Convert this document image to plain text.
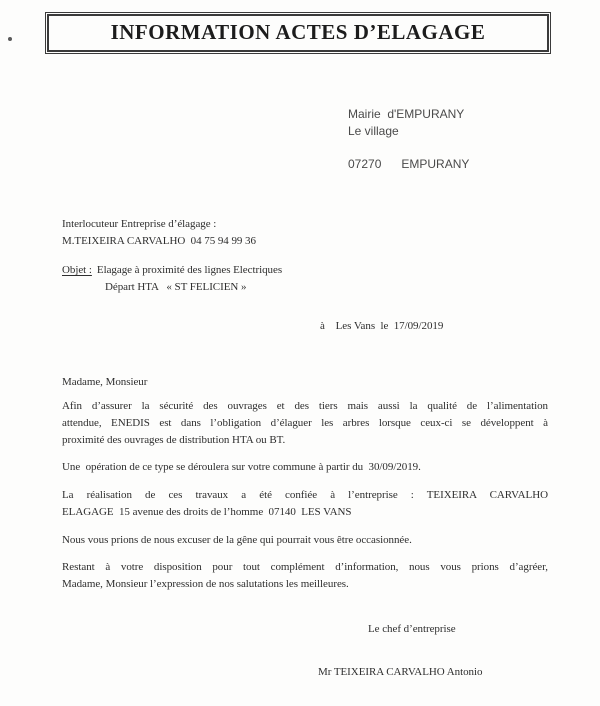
INFORMATION ACTES D’ELAGAGE
Mairie  d'EMPURANY
Le village
07270 EMPURANY
Interlocuteur Entreprise d’élagage :
M.TEIXEIRA CARVALHO  04 75 94 99 36
Objet : Elagage à proximité des lignes Electriques
Départ HTA   « ST FELICIEN »
à    Les Vans  le  17/09/2019
Madame, Monsieur
Afin d’assurer la sécurité des ouvrages et des tiers mais aussi la qualité de l’alimentation
attendue, ENEDIS est dans l’obligation d’élaguer les arbres lorsque ceux-ci se développent à
proximité des ouvrages de distribution HTA ou BT.
Une  opération de ce type se déroulera sur votre commune à partir du  30/09/2019.
La réalisation de ces travaux a été confiée à l’entreprise : TEIXEIRA CARVALHO
ELAGAGE  15 avenue des droits de l’homme  07140  LES VANS
Nous vous prions de nous excuser de la gêne qui pourrait vous être occasionnée.
Restant à votre disposition pour tout complément d’information, nous vous prions d’agréer,
Madame, Monsieur l’expression de nos salutations les meilleures.
Le chef d’entreprise
Mr TEIXEIRA CARVALHO Antonio
